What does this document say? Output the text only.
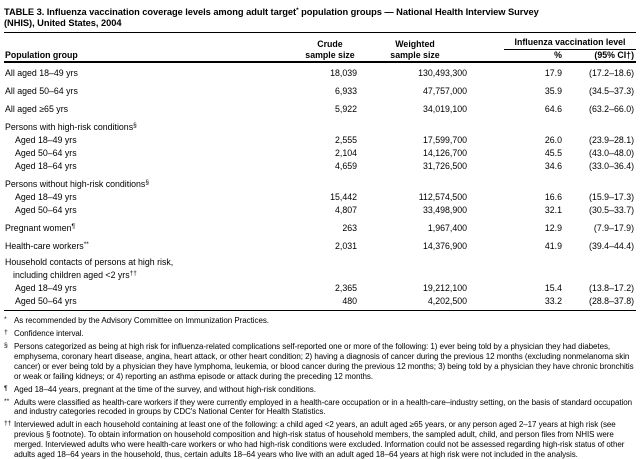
TABLE 3. Influenza vaccination coverage levels among adult target* population groups — National Health Interview Survey
(NHIS), United States, 2004
Population group	Crude	Weighted	Influenza vaccination level	

	sample size	sample size	%	(95% CI†)
All aged 18–49 yrs	18,039	130,493,300	17.9	(17.2–18.6)
All aged 50–64 yrs	6,933	47,757,000	35.9	(34.5–37.3)
All aged ≥65 yrs	5,922	34,019,100	64.6	(63.2–66.0)
Persons with high-risk conditions§				
Aged 18–49 yrs	2,555	17,599,700	26.0	(23.9–28.1)
Aged 50–64 yrs	2,104	14,126,700	45.5	(43.0–48.0)
Aged 18–64 yrs	4,659	31,726,500	34.6	(33.0–36.4)
Persons without high-risk conditions§				
Aged 18–49 yrs	15,442	112,574,500	16.6	(15.9–17.3)
Aged 50–64 yrs	4,807	33,498,900	32.1	(30.5–33.7)
Pregnant women¶	263	1,967,400	12.9	(7.9–17.9)
Health-care workers**	2,031	14,376,900	41.9	(39.4–44.4)

Household contacts of persons at high risk,
including children aged <2 yrs††

Aged 18–49 yrs	2,365	19,212,100	15.4	(13.8–17.2)
Aged 50–64 yrs	480	4,202,500	33.2	(28.8–37.8)
* As recommended by the Advisory Committee on Immunization Practices.
† Confidence interval.
§ Persons categorized as being at high risk for influenza-related complications self-reported one or more of the following: 1) ever being told by a physician they had diabetes, emphysema, coronary heart disease, angina, heart attack, or other heart condition; 2) having a diagnosis of cancer during the previous 12 months (excluding nonmelanoma skin cancer) or ever being told by a physician they have lymphoma, leukemia, or blood cancer during the previous 12 months; 3) being told by a physician they have chronic bronchitis or weak or failing kidneys; or 4) reporting an asthma episode or attack during the preceding 12 months.
¶ Aged 18–44 years, pregnant at the time of the survey, and without high-risk conditions.
** Adults were classified as health-care workers if they were currently employed in a health-care occupation or in a health-care–industry setting, on the basis of standard occupation and industry categories recoded in groups by CDC's National Center for Health Statistics.
†† Interviewed adult in each household containing at least one of the following: a child aged <2 years, an adult aged ≥65 years, or any person aged 2–17 years at high risk (see previous § footnote). To obtain information on household composition and high-risk status of household members, the sampled adult, child, and person files from NHIS were merged. Interviewed adults who were health-care workers or who had high-risk conditions were excluded. Information could not be assessed regarding high-risk status of other adults aged 18–64 years in the household, thus, certain adults 18–64 years who live with an adult aged 18–64 years at high risk were not included in the analysis.
